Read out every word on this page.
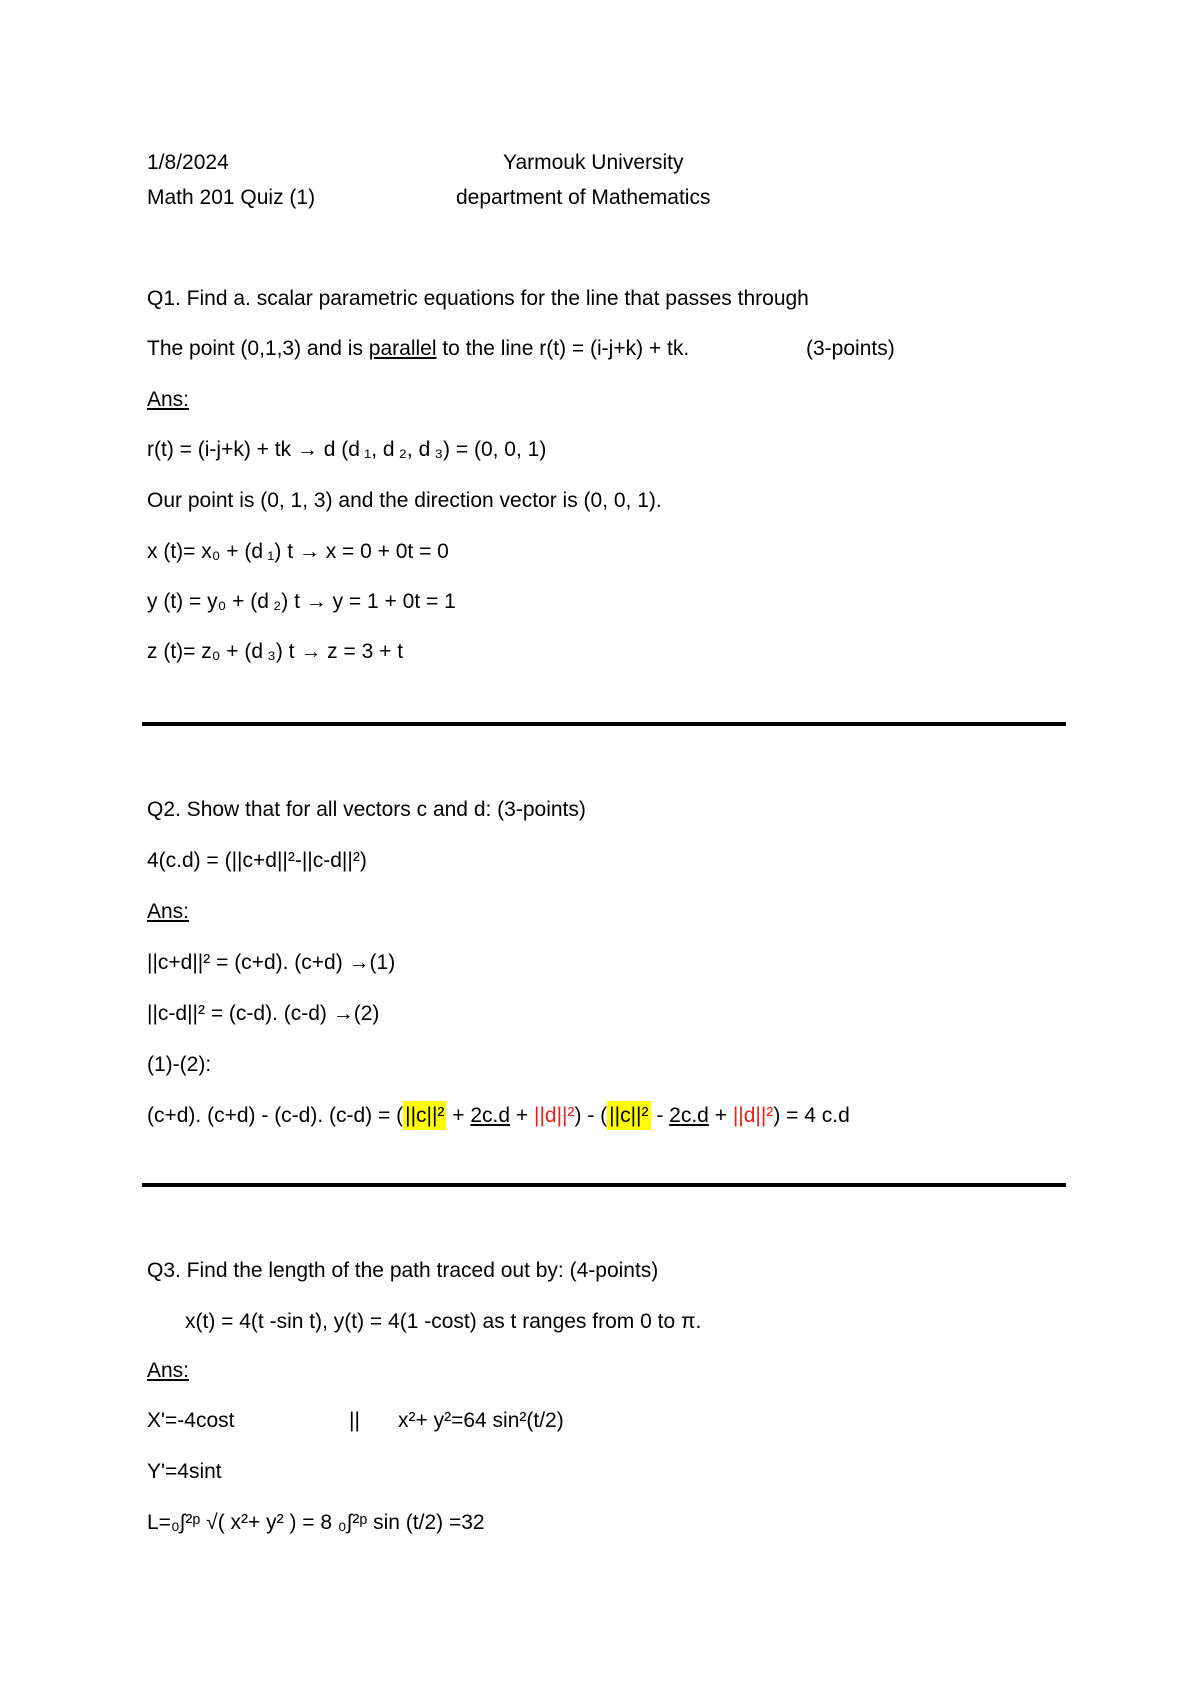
1/8/2024	Yarmouk University
Math 201 Quiz (1)	department of Mathematics
Q1. Find a. scalar parametric equations for the line that passes through
The point (0,1,3) and is parallel to the line r(t) = (i-j+k) + tk.	(3-points)
Ans:
r(t) = (i-j+k) + tk → d (d ₁, d ₂, d ₃) = (0, 0, 1)
Our point is (0, 1, 3) and the direction vector is (0, 0, 1).
x (t)= x₀ + (d ₁) t → x = 0 + 0t = 0
y (t) = y₀ + (d ₂) t → y = 1 + 0t = 1
z (t)= z₀ + (d ₃) t → z = 3 + t
Q2. Show that for all vectors c and d: (3-points)
4(c.d) = (||c+d||²-||c-d||²)
Ans:
||c+d||² = (c+d). (c+d) →(1)
||c-d||² = (c-d). (c-d) →(2)
(1)-(2):
(c+d). (c+d) - (c-d). (c-d) = (||c||² + 2c.d + ||d||²) - (||c||² - 2c.d + ||d||²) = 4 c.d
Q3. Find the length of the path traced out by: (4-points)
x(t) = 4(t -sin t), y(t) = 4(1 -cost) as t ranges from 0 to π.
Ans:
X'=-4cost	|| x²+ y²=64 sin²(t/2)
Y'=4sint
L=₀∫²ᵖ √( x²+ y² ) = 8 ₀∫²ᵖ sin (t/2) =32
